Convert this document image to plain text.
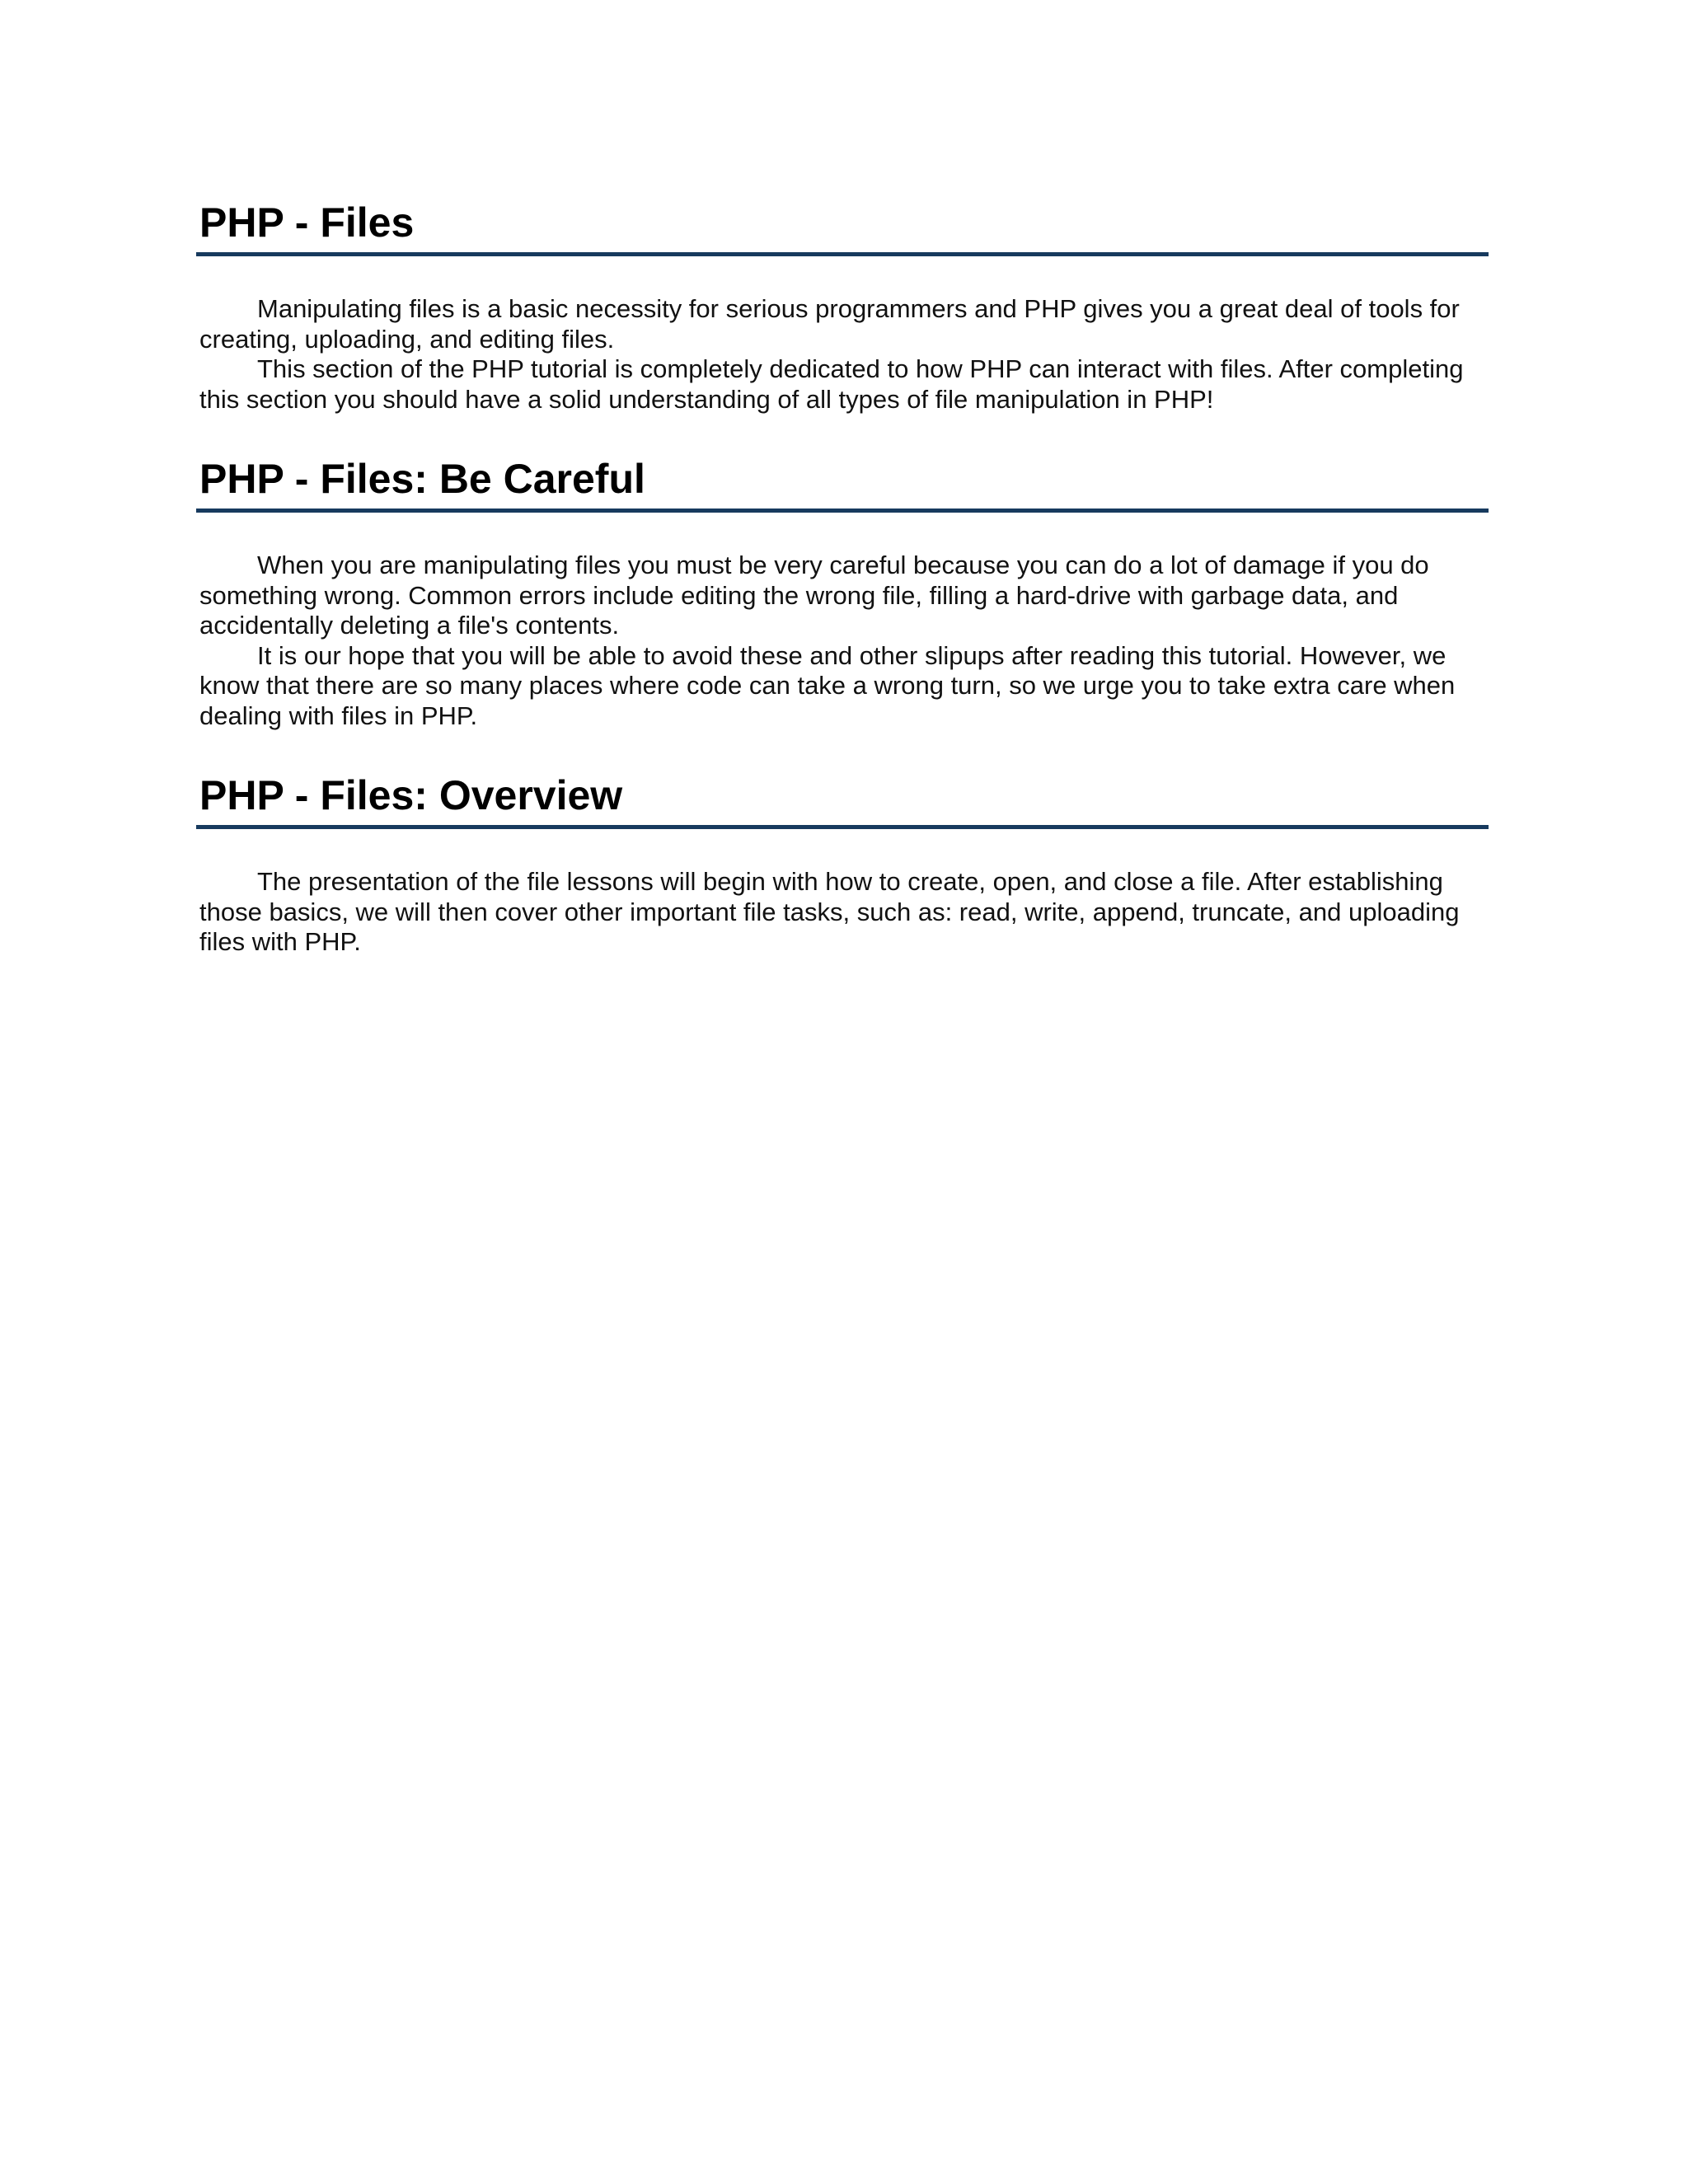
PHP - Files

Manipulating files is a basic necessity for serious programmers and PHP gives you a great deal of tools for creating, uploading, and editing files.

This section of the PHP tutorial is completely dedicated to how PHP can interact with files. After completing this section you should have a solid understanding of all types of file manipulation in PHP!

PHP - Files: Be Careful

When you are manipulating files you must be very careful because you can do a lot of damage if you do something wrong. Common errors include editing the wrong file, filling a hard-drive with garbage data, and accidentally deleting a file's contents.

It is our hope that you will be able to avoid these and other slipups after reading this tutorial. However, we know that there are so many places where code can take a wrong turn, so we urge you to take extra care when dealing with files in PHP.

PHP - Files: Overview

The presentation of the file lessons will begin with how to create, open, and close a file. After establishing those basics, we will then cover other important file tasks, such as: read, write, append, truncate, and uploading files with PHP.
